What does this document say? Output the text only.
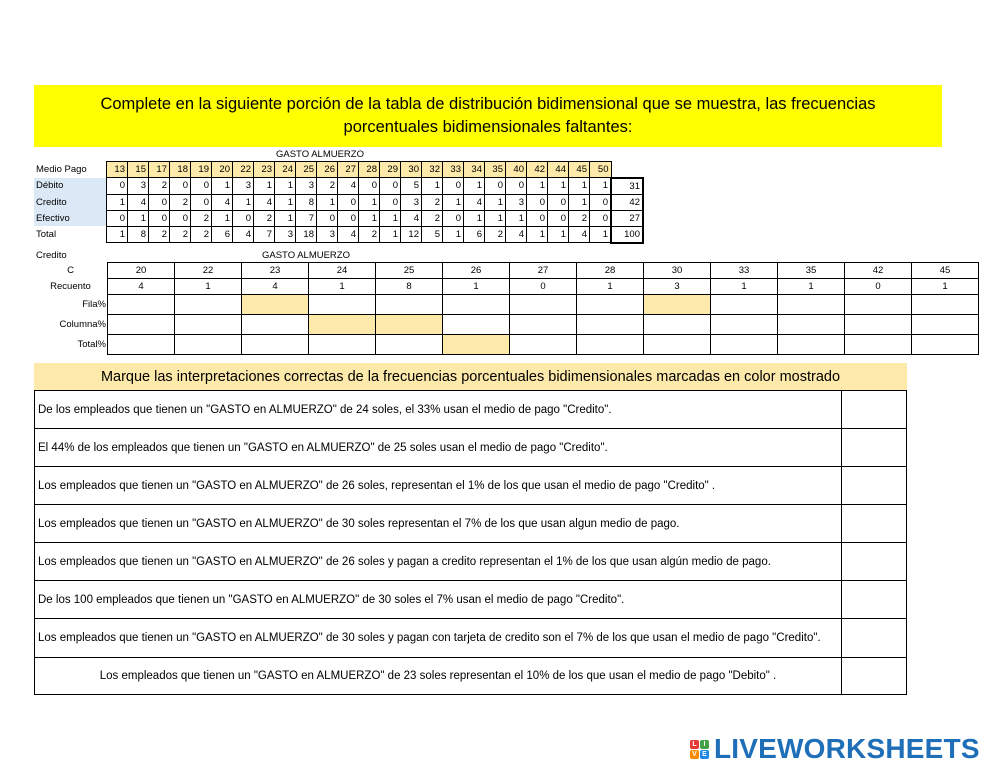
Complete en la siguiente porción de la tabla de distribución bidimensional que se muestra, las frecuencias porcentuales bidimensionales faltantes:
GASTO ALMUERZO
Medio Pago	13	15	17	18	19	20	22	23	24	25	26	27	28	29	30	32	33	34	35	40	42	44	45	50	
Débito	0	3	2	0	0	1	3	1	1	3	2	4	0	0	5	1	0	1	0	0	1	1	1	1	31
Credito	1	4	0	2	0	4	1	4	1	8	1	0	1	0	3	2	1	4	1	3	0	0	1	0	42
Efectivo	0	1	0	0	2	1	0	2	1	7	0	0	1	1	4	2	0	1	1	1	0	0	2	0	27
Total	1	8	2	2	2	6	4	7	3	18	3	4	2	1	12	5	1	6	2	4	1	1	4	1	100
Credito	GASTO ALMUERZO
C	20	22	23	24	25	26	27	28	30	33	35	42	45
Recuento	4	1	4	1	8	1	0	1	3	1	1	0	1
Fila%													
Columna%													
Total%													
Marque las interpretaciones correctas de la frecuencias porcentuales bidimensionales marcadas en color mostrado
De los empleados que tienen un "GASTO en ALMUERZO" de 24 soles, el 33% usan el medio de pago "Credito".	
El 44% de los empleados que tienen un "GASTO en ALMUERZO" de 25 soles usan el medio de pago "Credito".	
Los empleados que tienen un "GASTO en ALMUERZO" de 26 soles, representan el 1% de los que usan el medio de pago "Credito" .	
Los empleados que tienen un "GASTO en ALMUERZO" de 30 soles representan el 7% de los que usan algun medio de pago.	
Los empleados que tienen un "GASTO en ALMUERZO" de 26 soles y pagan a credito representan el 1% de los que usan algún medio de pago.	
De los 100 empleados que tienen un "GASTO en ALMUERZO" de 30 soles el 7% usan el medio de pago "Credito".	
Los empleados que tienen un "GASTO en ALMUERZO" de 30 soles y pagan con tarjeta de credito son el 7% de los que usan el medio de pago "Credito".	
Los empleados que tienen un "GASTO en ALMUERZO" de 23 soles representan el 10% de los que usan el medio de pago "Debito" .	
L I
V E LIVEWORKSHEETS
